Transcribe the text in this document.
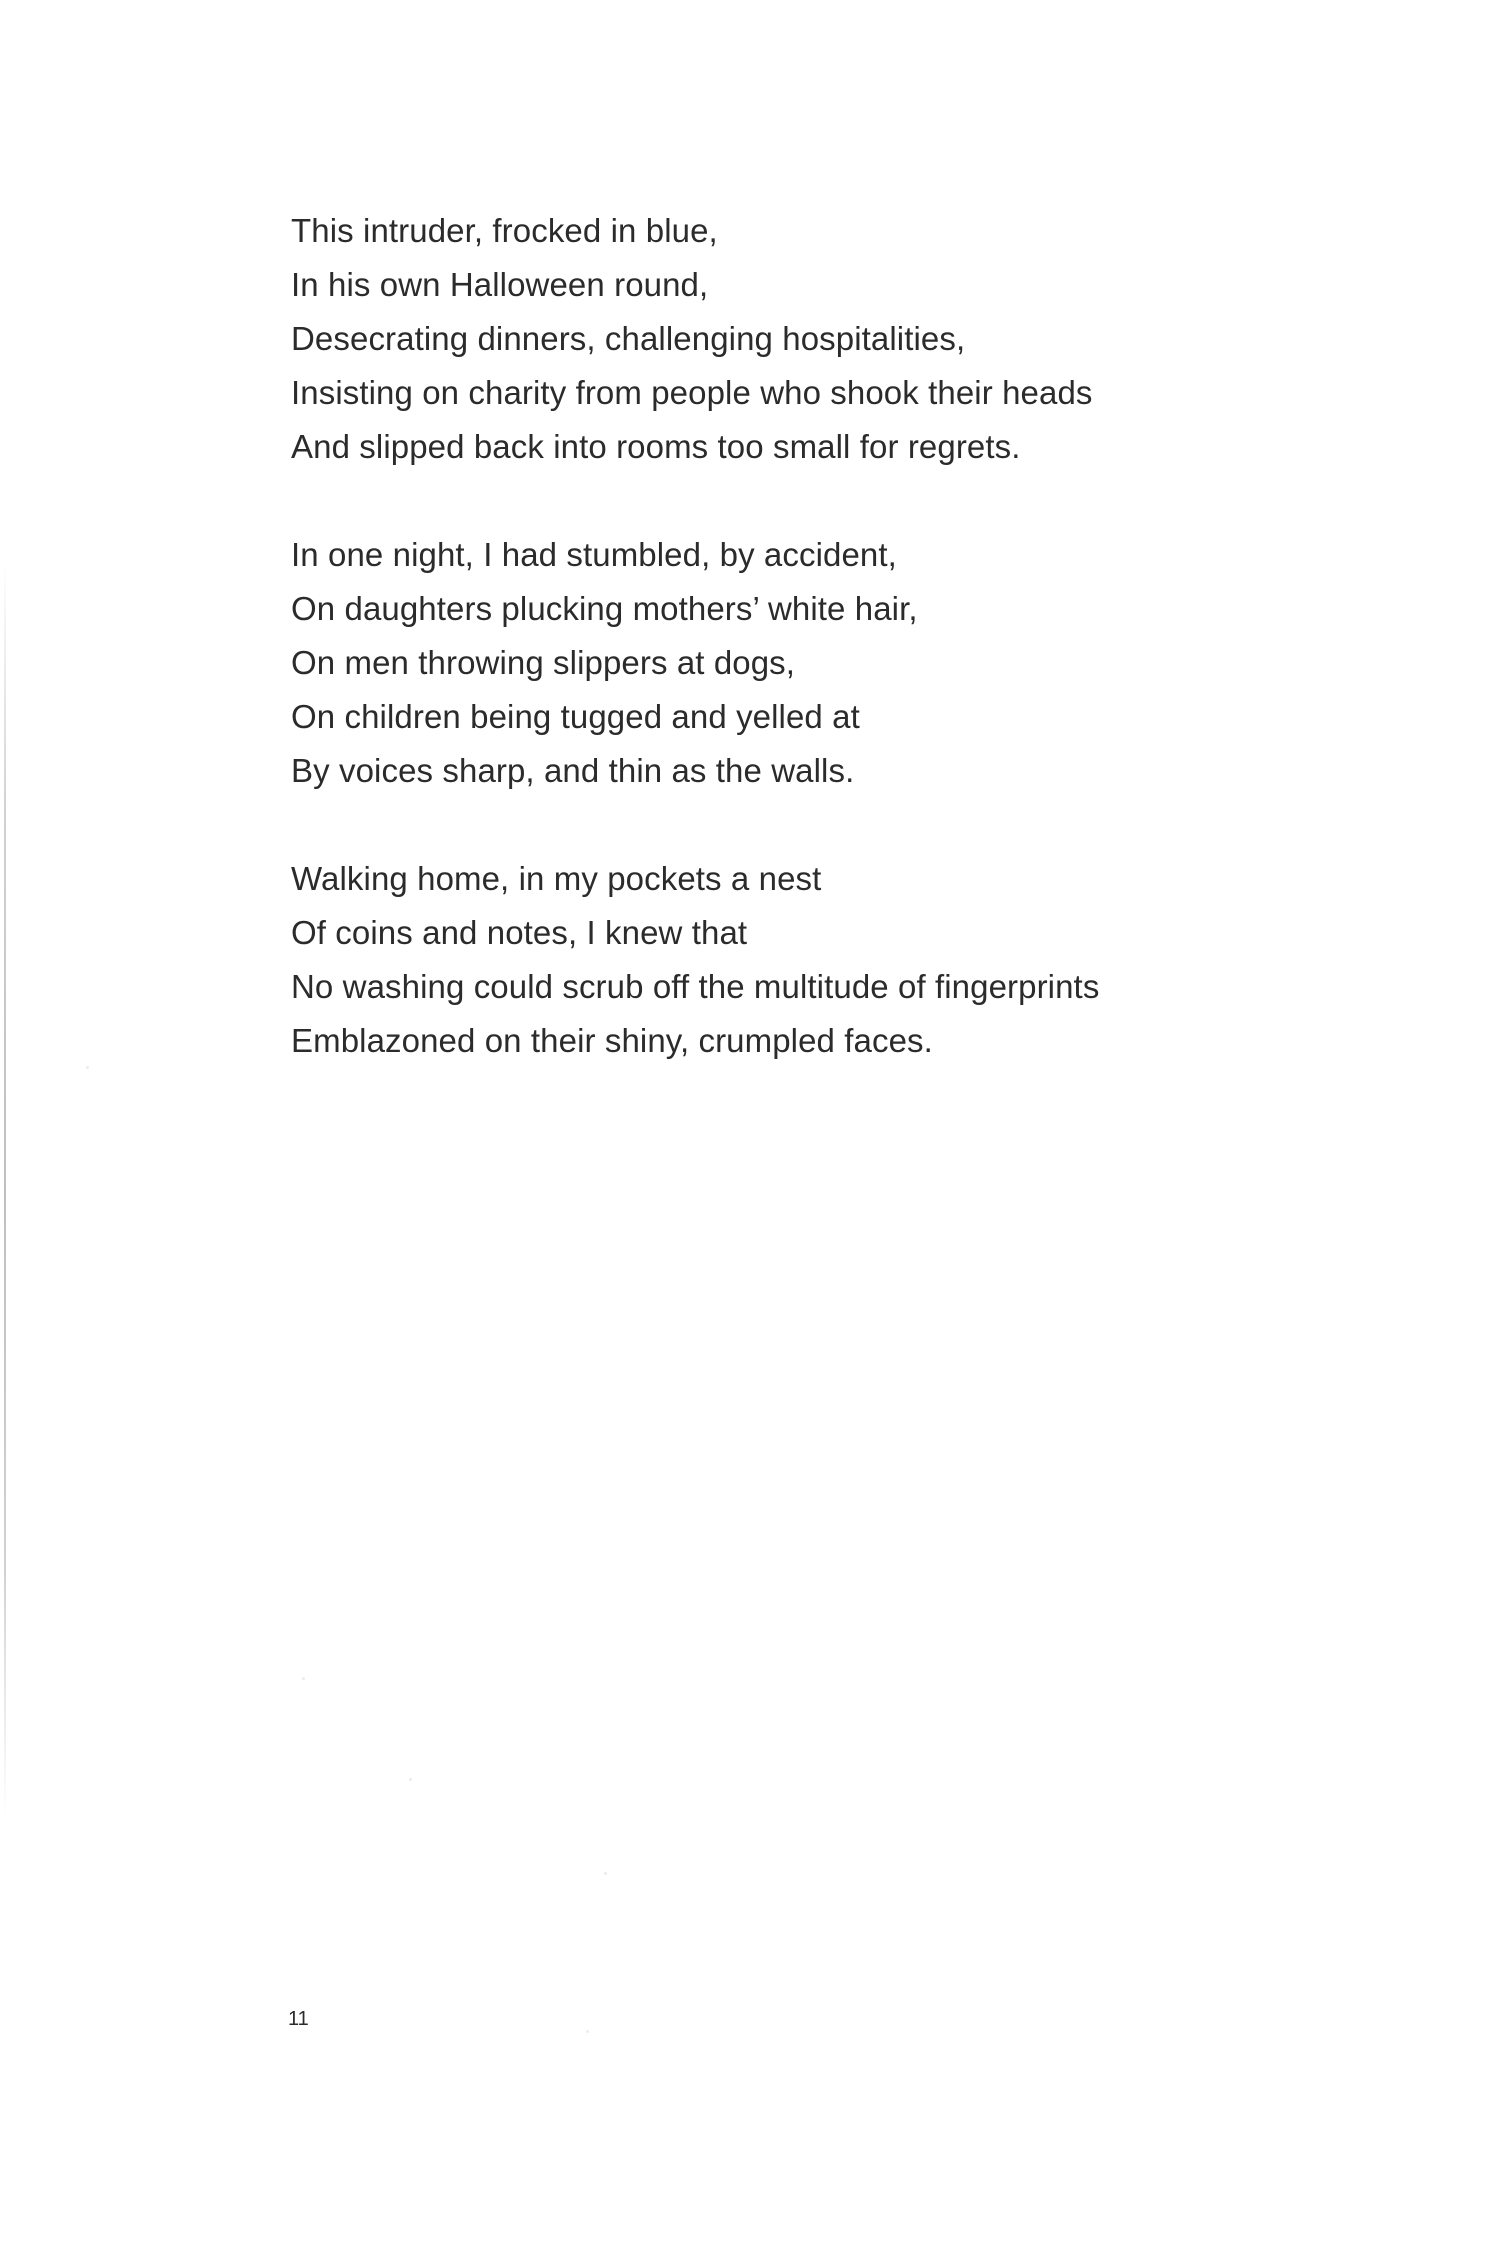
This intruder, frocked in blue,
In his own Halloween round,
Desecrating dinners, challenging hospitalities,
Insisting on charity from people who shook their heads
And slipped back into rooms too small for regrets.
In one night, I had stumbled, by accident,
On daughters plucking mothers’ white hair,
On men throwing slippers at dogs,
On children being tugged and yelled at
By voices sharp, and thin as the walls.
Walking home, in my pockets a nest
Of coins and notes, I knew that
No washing could scrub off the multitude of fingerprints
Emblazoned on their shiny, crumpled faces.
11
